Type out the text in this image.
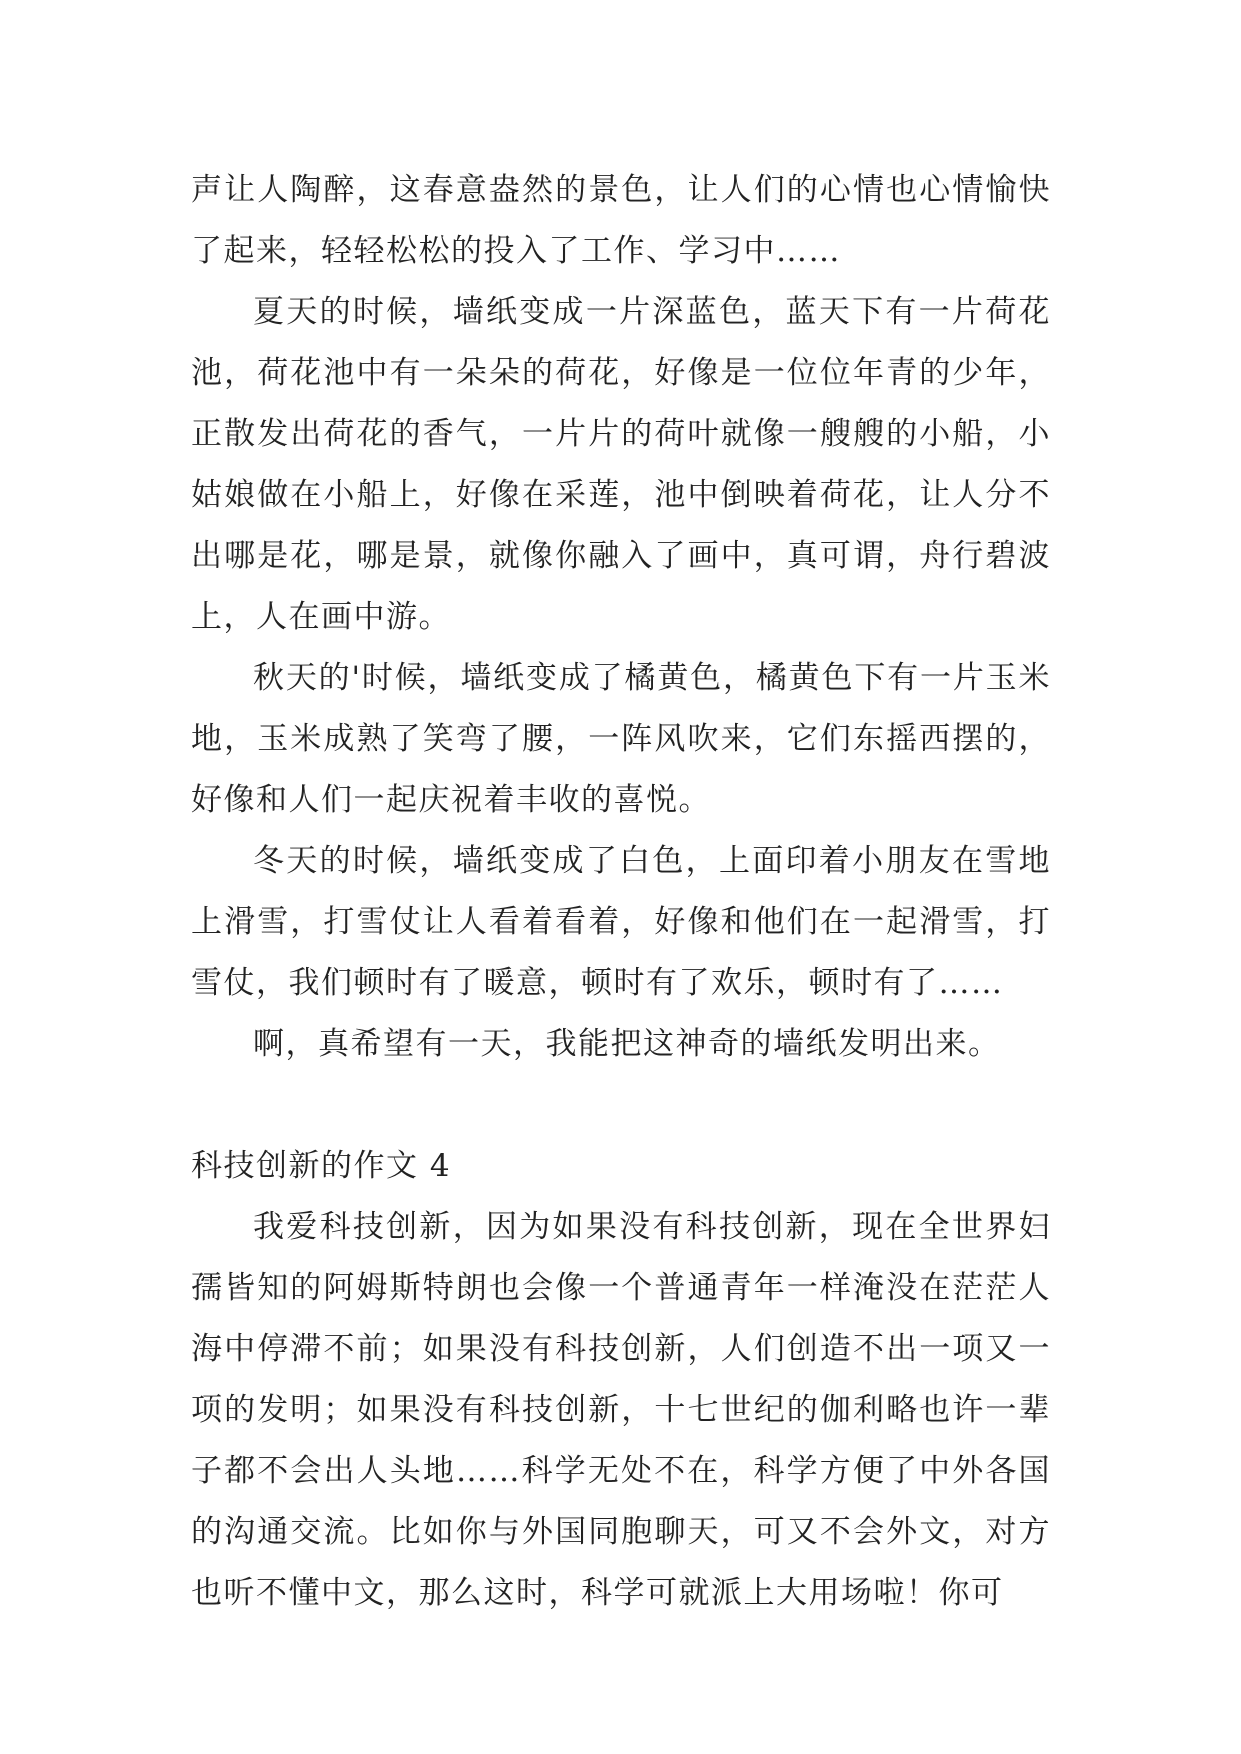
声让人陶醉，这春意盎然的景色，让人们的心情也心情愉快了起来，轻轻松松的投入了工作、学习中……

夏天的时候，墙纸变成一片深蓝色，蓝天下有一片荷花池，荷花池中有一朵朵的荷花，好像是一位位年青的少年，正散发出荷花的香气，一片片的荷叶就像一艘艘的小船，小姑娘做在小船上，好像在采莲，池中倒映着荷花，让人分不出哪是花，哪是景，就像你融入了画中，真可谓，舟行碧波上，人在画中游。

秋天的'时候，墙纸变成了橘黄色，橘黄色下有一片玉米地，玉米成熟了笑弯了腰，一阵风吹来，它们东摇西摆的，好像和人们一起庆祝着丰收的喜悦。

冬天的时候，墙纸变成了白色，上面印着小朋友在雪地上滑雪，打雪仗让人看着看着，好像和他们在一起滑雪，打雪仗，我们顿时有了暖意，顿时有了欢乐，顿时有了……

啊，真希望有一天，我能把这神奇的墙纸发明出来。

科技创新的作文 4

我爱科技创新，因为如果没有科技创新，现在全世界妇孺皆知的阿姆斯特朗也会像一个普通青年一样淹没在茫茫人海中停滞不前；如果没有科技创新，人们创造不出一项又一项的发明；如果没有科技创新，十七世纪的伽利略也许一辈子都不会出人头地……科学无处不在，科学方便了中外各国的沟通交流。比如你与外国同胞聊天，可又不会外文，对方也听不懂中文，那么这时，科学可就派上大用场啦！你可
